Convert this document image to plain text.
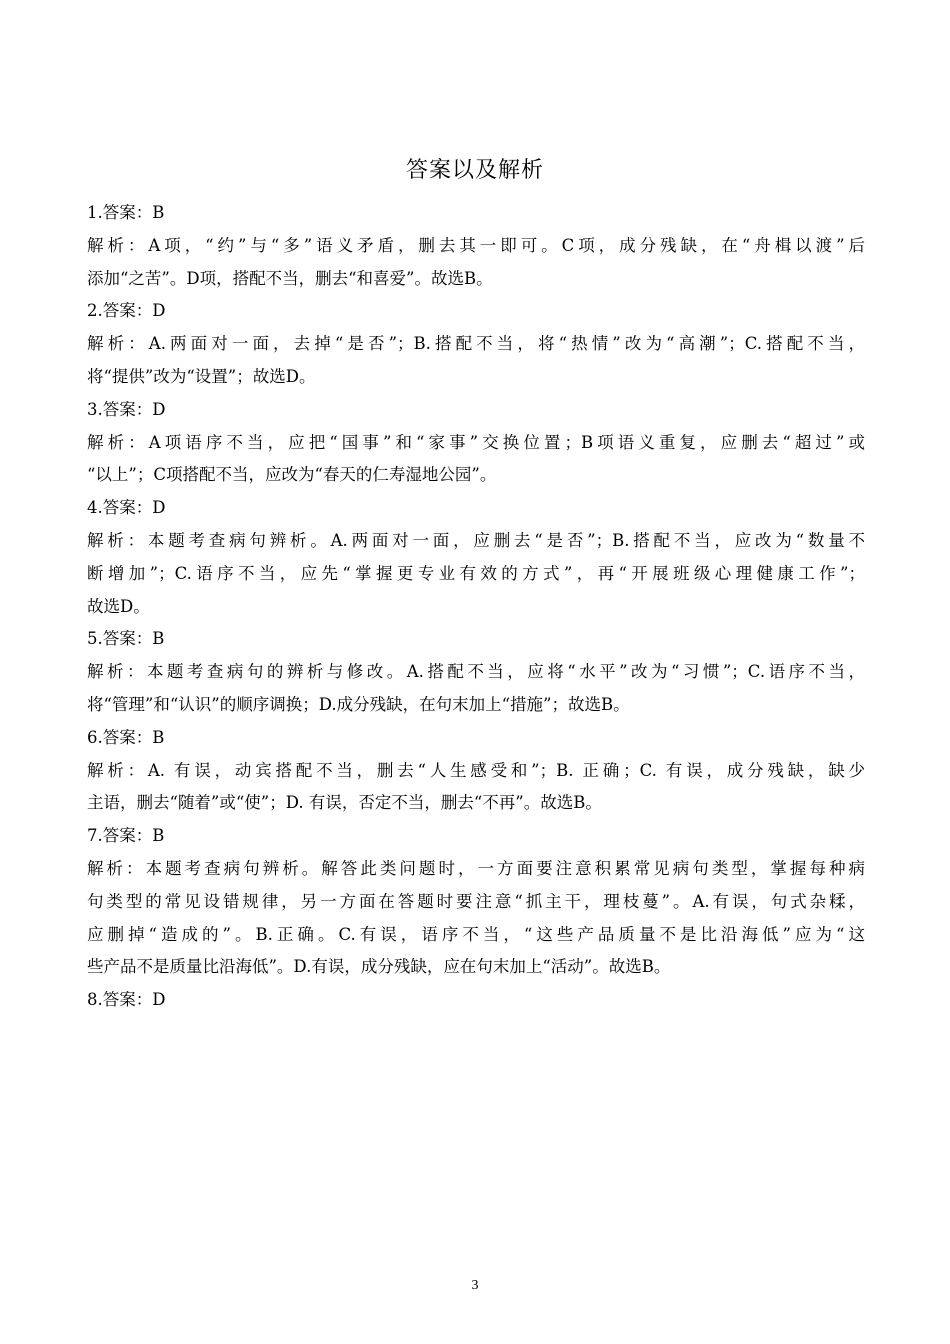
答案以及解析
1.答案：B
解析：A项，“约”与“多”语义矛盾，删去其一即可。C项，成分残缺，在“舟楫以渡”后
添加“之苦”。D项，搭配不当，删去“和喜爱”。故选B。
2.答案：D
解析：A.两面对一面，去掉“是否”；B.搭配不当，将“热情”改为“高潮”；C.搭配不当，
将“提供”改为“设置”；故选D。
3.答案：D
解析：A项语序不当，应把“国事”和“家事”交换位置；B项语义重复，应删去“超过”或
“以上”；C项搭配不当，应改为“春天的仁寿湿地公园”。
4.答案：D
解析：本题考查病句辨析。A.两面对一面，应删去“是否”；B.搭配不当，应改为“数量不
断增加”；C.语序不当，应先“掌握更专业有效的方式”，再“开展班级心理健康工作”；
故选D。
5.答案：B
解析：本题考查病句的辨析与修改。A.搭配不当，应将“水平”改为“习惯”；C.语序不当，
将“管理”和“认识”的顺序调换；D.成分残缺，在句末加上“措施”；故选B。
6.答案：B
解析：A. 有误，动宾搭配不当，删去“人生感受和”；B. 正确；C. 有误，成分残缺，缺少
主语，删去“随着”或“使”；D. 有误，否定不当，删去“不再”。故选B。
7.答案：B
解析：本题考查病句辨析。解答此类问题时，一方面要注意积累常见病句类型，掌握每种病
句类型的常见设错规律，另一方面在答题时要注意“抓主干，理枝蔓”。A.有误，句式杂糅，
应删掉“造成的”。B.正确。C.有误，语序不当，“这些产品质量不是比沿海低”应为“这
些产品不是质量比沿海低”。D.有误，成分残缺，应在句末加上“活动”。故选B。
8.答案：D
3
